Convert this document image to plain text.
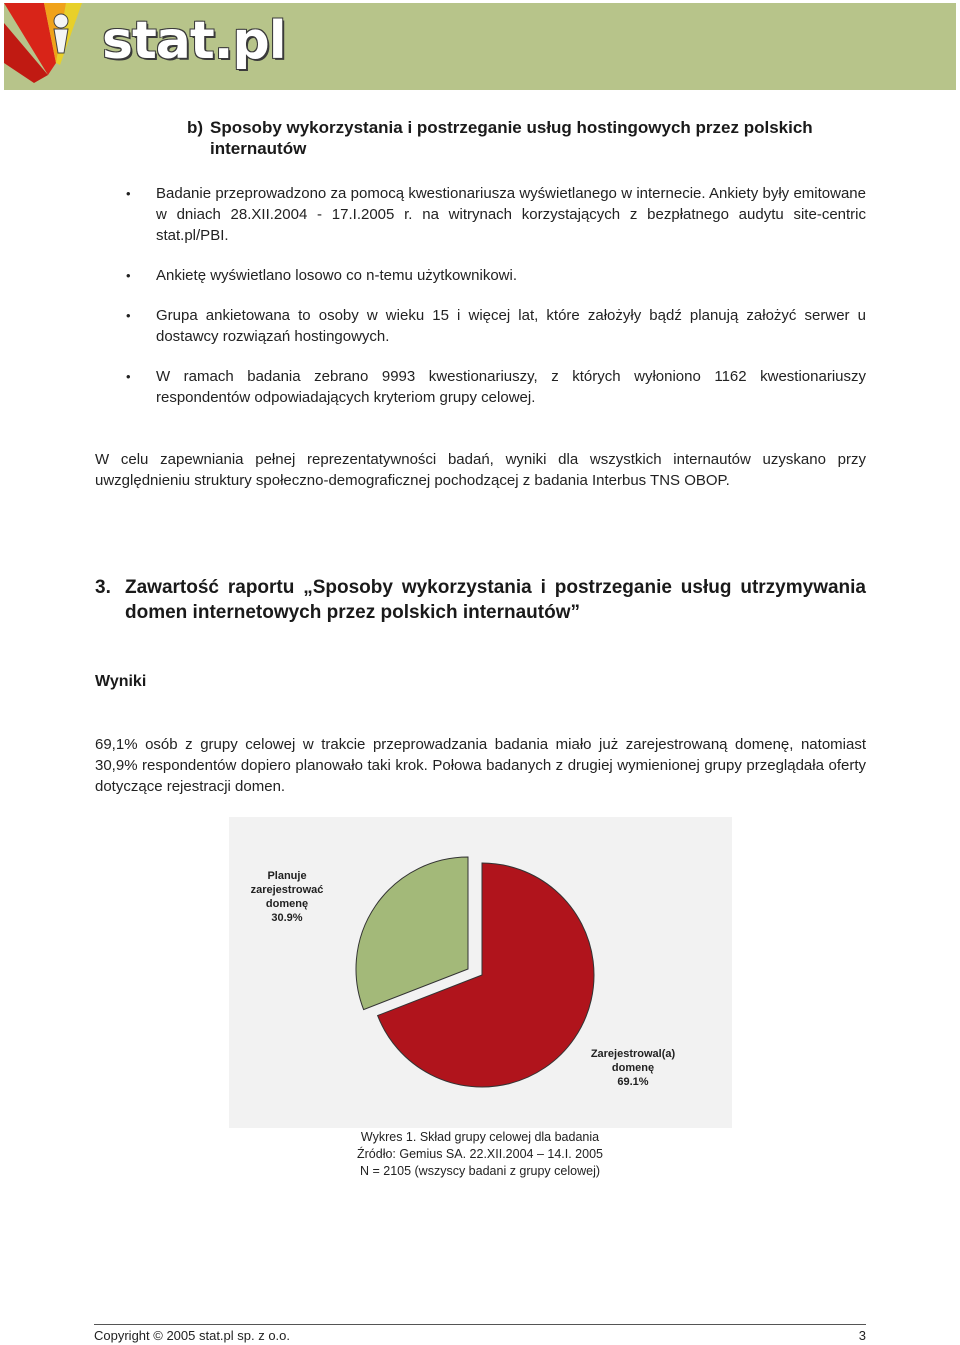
stat.pl
b) Sposoby wykorzystania i postrzeganie usług hostingowych przez polskich internautów
• Badanie przeprowadzono za pomocą kwestionariusza wyświetlanego w internecie. Ankiety były emitowane w dniach 28.XII.2004 - 17.I.2005 r. na witrynach korzystających z bezpłatnego audytu site-centric stat.pl/PBI.
• Ankietę wyświetlano losowo co n-temu użytkownikowi.
• Grupa ankietowana to osoby w wieku 15 i więcej lat, które założyły bądź planują założyć serwer u dostawcy rozwiązań hostingowych.
• W ramach badania zebrano 9993 kwestionariuszy, z których wyłoniono 1162 kwestionariuszy respondentów odpowiadających kryteriom grupy celowej.

W celu zapewniania pełnej reprezentatywności badań, wyniki dla wszystkich internautów uzyskano przy uwzględnieniu struktury społeczno-demograficznej pochodzącej z badania Interbus TNS OBOP.

3. Zawartość raportu „Sposoby wykorzystania i postrzeganie usług utrzymywania domen internetowych przez polskich internautów”
Wyniki

69,1% osób z grupy celowej w trakcie przeprowadzania badania miało już zarejestrowaną domenę, natomiast 30,9% respondentów dopiero planowało taki krok. Połowa badanych z drugiej wymienionej grupy przeglądała oferty dotyczące rejestracji domen.

Zarejestrowal(a) domenę 69.1%
Planuje zarejestrować domenę 30.9%
Wykres 1. Skład grupy celowej dla badania
Źródło: Gemius SA. 22.XII.2004 – 14.I. 2005
N = 2105 (wszyscy badani z grupy celowej)
Copyright © 2005 stat.pl sp. z o.o.	3
